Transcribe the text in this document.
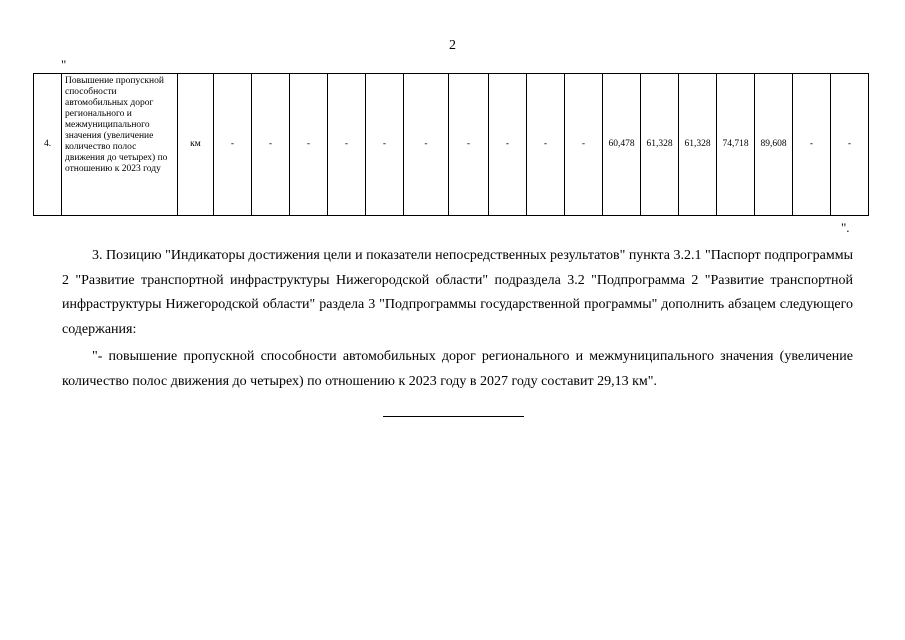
2
"
4.	Повышение пропускной способности автомобильных дорог регионального и межмуниципального значения (увеличение количество полос движения до четырех) по отношению к 2023 году	км	-	-	-	-	-	-	-	-	-	-	60,478	61,328	61,328	74,718	89,608	-	-
".

3. Позицию "Индикаторы достижения цели и показатели непосредственных результатов" пункта 3.2.1 "Паспорт подпрограммы 2 "Развитие транспортной инфраструктуры Нижегородской области" подраздела 3.2 "Подпрограмма 2 "Развитие транспортной инфраструктуры Нижегородской области" раздела 3 "Подпрограммы государственной программы" дополнить абзацем следующего содержания:

"- повышение пропускной способности автомобильных дорог регионального и межмуниципального значения (увеличение количество полос движения до четырех) по отношению к 2023 году в 2027 году составит 29,13 км".
